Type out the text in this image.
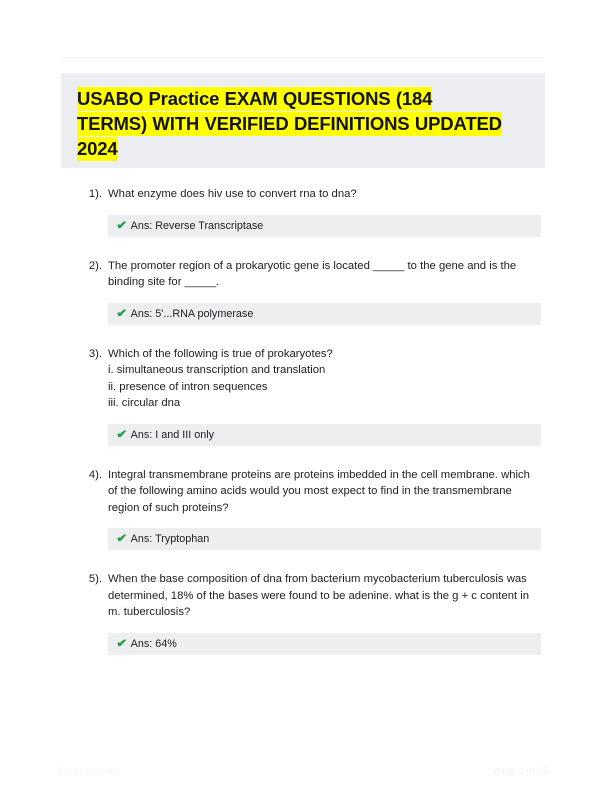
USABO Practice EXAM QUESTIONS (184
TERMS) WITH VERIFIED DEFINITIONS UPDATED
2024
1). What enzyme does hiv use to convert rna to dna?

✔ Ans: Reverse Transcriptase
2). The promoter region of a prokaryotic gene is located _____ to the gene and is the binding site for _____.

✔ Ans: 5'...RNA polymerase
3). Which of the following is true of prokaryotes?

i. simultaneous transcription and translation

ii. presence of intron sequences

iii. circular dna

✔ Ans: I and III only
4). Integral transmembrane proteins are proteins imbedded in the cell membrane. which of the following amino acids would you most expect to find in the transmembrane region of such proteins?

✔ Ans: Tryptophan
5). When the base composition of dna from bacterium mycobacterium tuberculosis was determined, 18% of the bases were found to be adenine. what is the g + c content in m. tuberculosis?

✔ Ans: 64%
PaperStic.com	Page 1 of 25
